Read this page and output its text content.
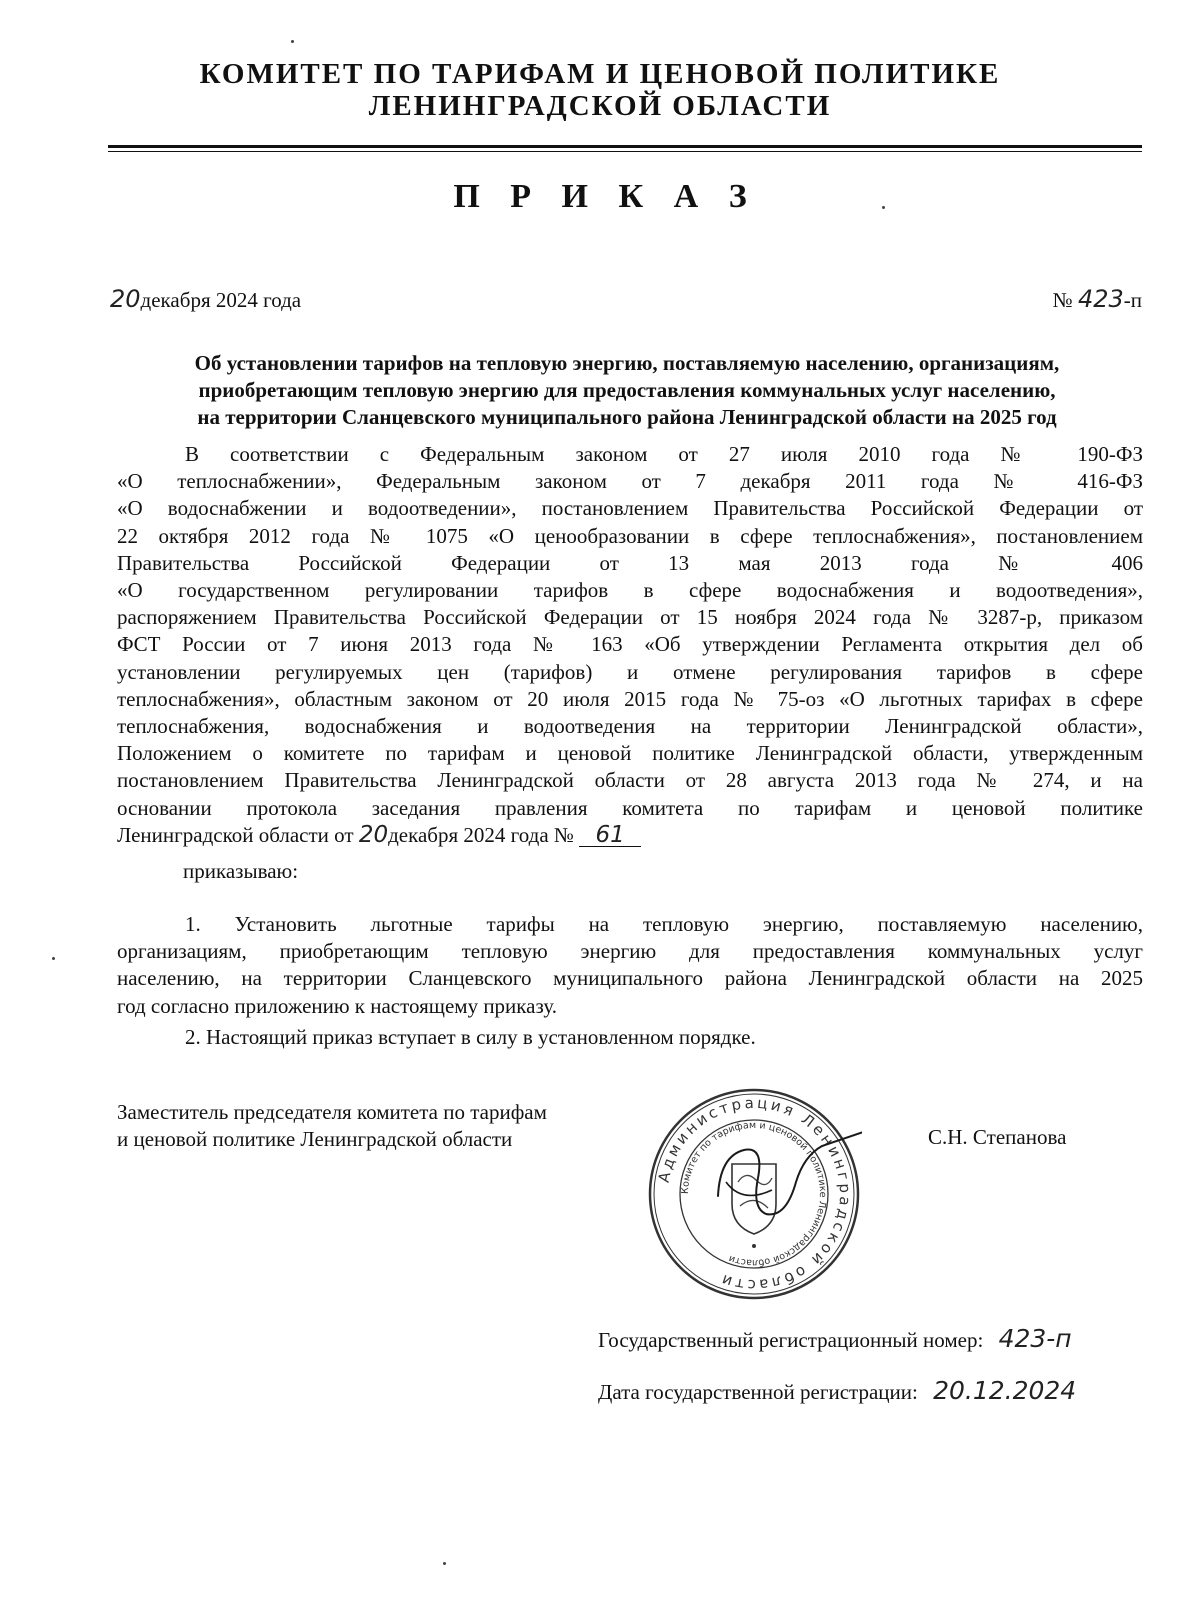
КОМИТЕТ ПО ТАРИФАМ И ЦЕНОВОЙ ПОЛИТИКЕ
ЛЕНИНГРАДСКОЙ ОБЛАСТИ
П Р И К А З
20декабря 2024 года	№ 423-п
Об установлении тарифов на тепловую энергию, поставляемую населению, организациям,
приобретающим тепловую энергию для предоставления коммунальных услуг населению,
на территории Сланцевского муниципального района Ленинградской области на 2025 год
В соответствии с Федеральным законом от 27 июля 2010 года № 190-ФЗ
«О теплоснабжении», Федеральным законом от 7 декабря 2011 года № 416-ФЗ
«О водоснабжении и водоотведении», постановлением Правительства Российской Федерации от
22 октября 2012 года № 1075 «О ценообразовании в сфере теплоснабжения», постановлением
Правительства Российской Федерации от 13 мая 2013 года № 406
«О государственном регулировании тарифов в сфере водоснабжения и водоотведения»,
распоряжением Правительства Российской Федерации от 15 ноября 2024 года № 3287-р, приказом
ФСТ России от 7 июня 2013 года № 163 «Об утверждении Регламента открытия дел об
установлении регулируемых цен (тарифов) и отмене регулирования тарифов в сфере
теплоснабжения», областным законом от 20 июля 2015 года № 75-оз «О льготных тарифах в сфере
теплоснабжения, водоснабжения и водоотведения на территории Ленинградской области»,
Положением о комитете по тарифам и ценовой политике Ленинградской области, утвержденным
постановлением Правительства Ленинградской области от 28 августа 2013 года № 274, и на
основании протокола заседания правления комитета по тарифам и ценовой политике
Ленинградской области от 20декабря 2024 года № 61
приказываю:
1. Установить льготные тарифы на тепловую энергию, поставляемую населению,
организациям, приобретающим тепловую энергию для предоставления коммунальных услуг
населению, на территории Сланцевского муниципального района Ленинградской области на 2025
год согласно приложению к настоящему приказу.
2. Настоящий приказ вступает в силу в установленном порядке.
Заместитель председателя комитета по тарифам
и ценовой политике Ленинградской области	С.Н. Степанова
Администрация Ленинградской области
Комитет по тарифам и ценовой политике Ленинградской области
Государственный регистрационный номер: 423-п
Дата государственной регистрации: 20.12.2024
